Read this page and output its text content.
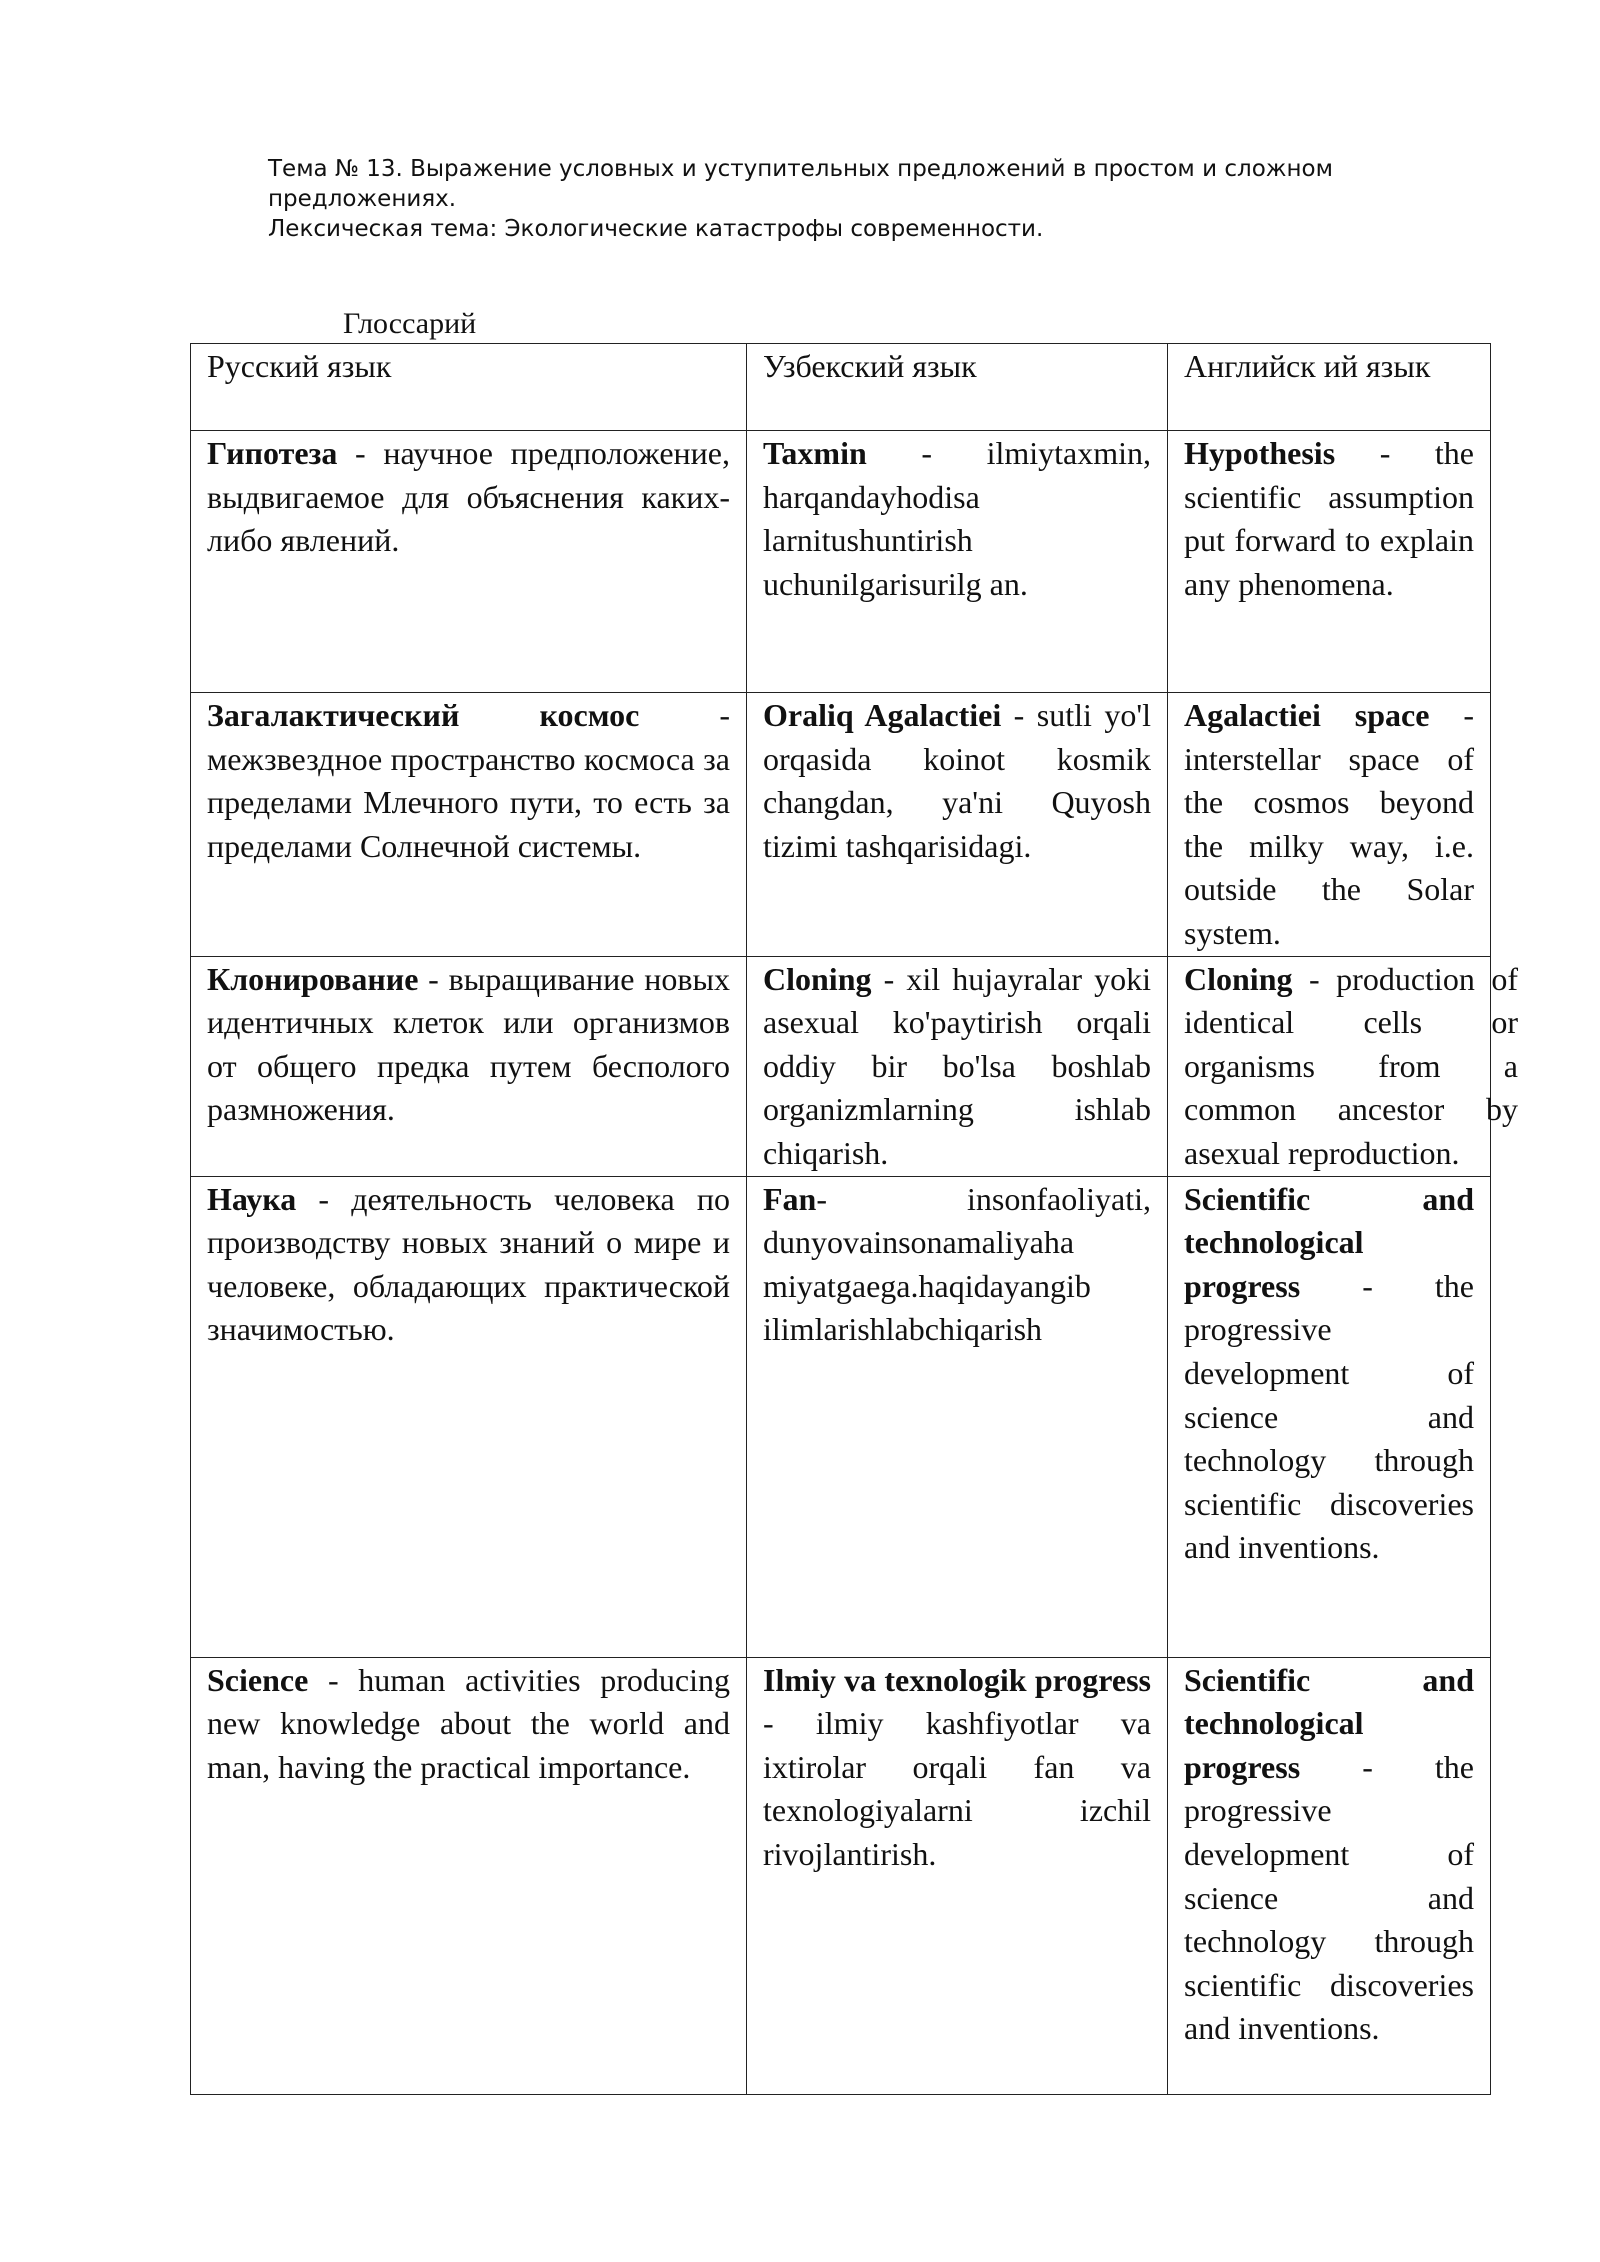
Тема № 13. Выражение условных и уступительных предложений в простом и сложном

предложениях.

Лексическая тема: Экологические катастрофы современности.

Глоссарий
Русский язык	Узбекский язык	Английск ий язык
Гипотеза - научное предположение, выдвигаемое для объяснения каких-либо явлений.	Taxmin - ilmiytaxmin, harqandayhodisa larnitushuntirish uchunilgarisurilg an.	Hypothesis - the scientific assumption put forward to explain any phenomena.
Загалактический космос - межзвездное пространство космоса за пределами Млечного пути, то есть за пределами Солнечной системы.	Oraliq Agalactiei - sutli yo'l orqasida koinot kosmik changdan, ya'ni Quyosh tizimi tashqarisidagi.	Agalactiei space - interstellar space of the cosmos beyond the milky way, i.e. outside the Solar system.
Клонирование - выращивание новых идентичных клеток или организмов от общего предка путем бесполого размножения.	Cloning - xil hujayralar yoki asexual ko'paytirish orqali oddiy bir bo'lsa boshlab organizmlarning ishlab chiqarish.	Cloning - production of identical cells or organisms from a common ancestor by asexual reproduction.

Наука - деятельность человека по производству новых знаний о мире и человеке, обладающих практической значимостью.	Fan- insonfaoliyati, dunyovainsonamaliyaha miyatgaega.haqidayangib ilimlarishlabchiqarish	Scientific and technological progress - the progressive development of science and technology through scientific discoveries and inventions.
Science - human activities producing new knowledge about the world and man, having the practical importance.	Ilmiy va texnologik progress - ilmiy kashfiyotlar va ixtirolar orqali fan va texnologiyalarni izchil rivojlantirish.	Scientific and technological progress - the progressive development of science and technology through scientific discoveries and inventions.
